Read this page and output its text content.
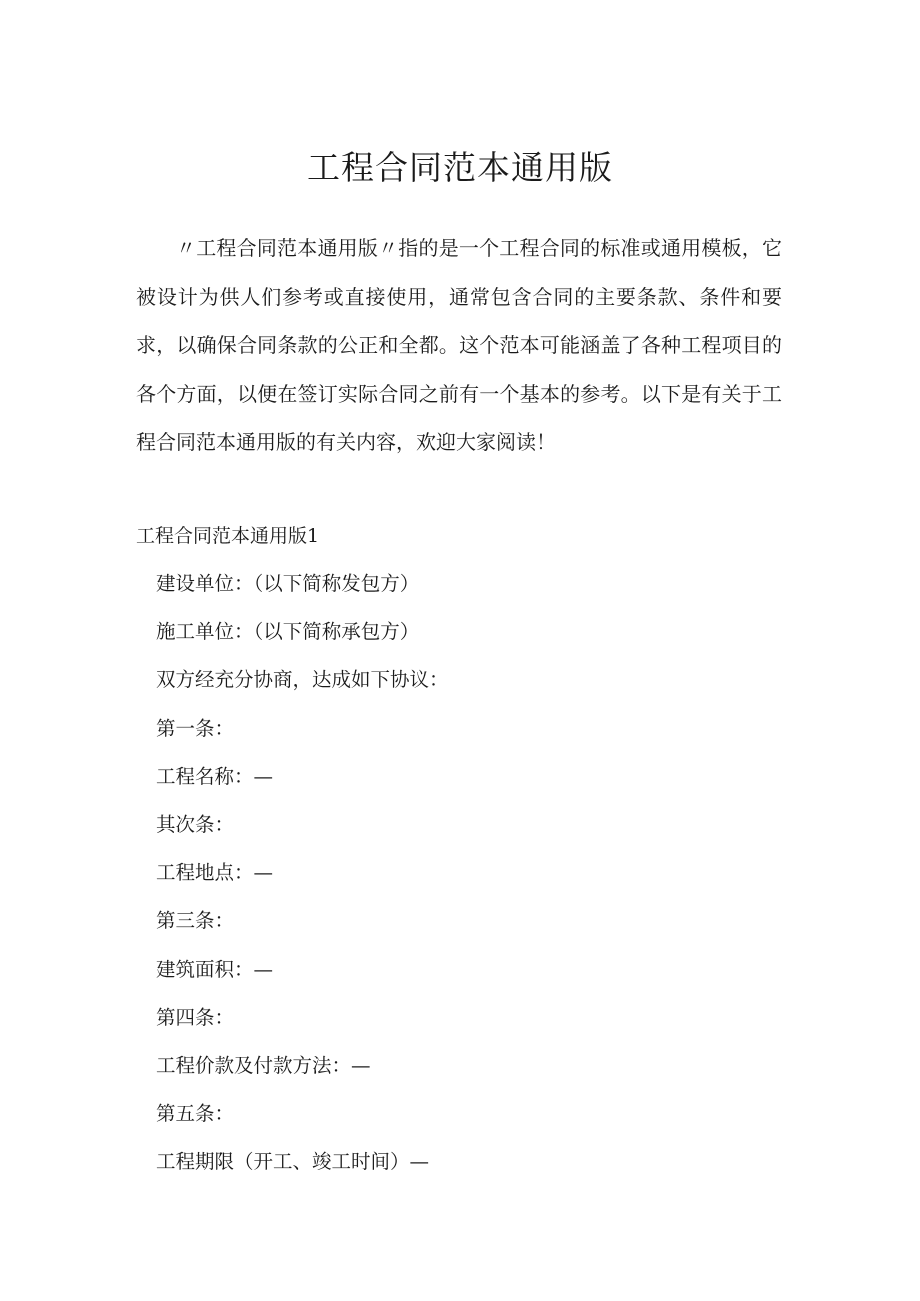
工程合同范本通用版

〃工程合同范本通用版〃指的是一个工程合同的标准或通用模板，它被设计为供人们参考或直接使用，通常包含合同的主要条款、条件和要求，以确保合同条款的公正和全都。这个范本可能涵盖了各种工程项目的各个方面，以便在签订实际合同之前有一个基本的参考。以下是有关于工程合同范本通用版的有关内容，欢迎大家阅读！

工程合同范本通用版1
建设单位：（以下简称发包方）
施工单位：（以下简称承包方）
双方经充分协商，达成如下协议：
第一条：
工程名称：—
其次条：
工程地点：—
第三条：
建筑面积：—
第四条：
工程价款及付款方法：—
第五条：
工程期限（开工、竣工时间）—
